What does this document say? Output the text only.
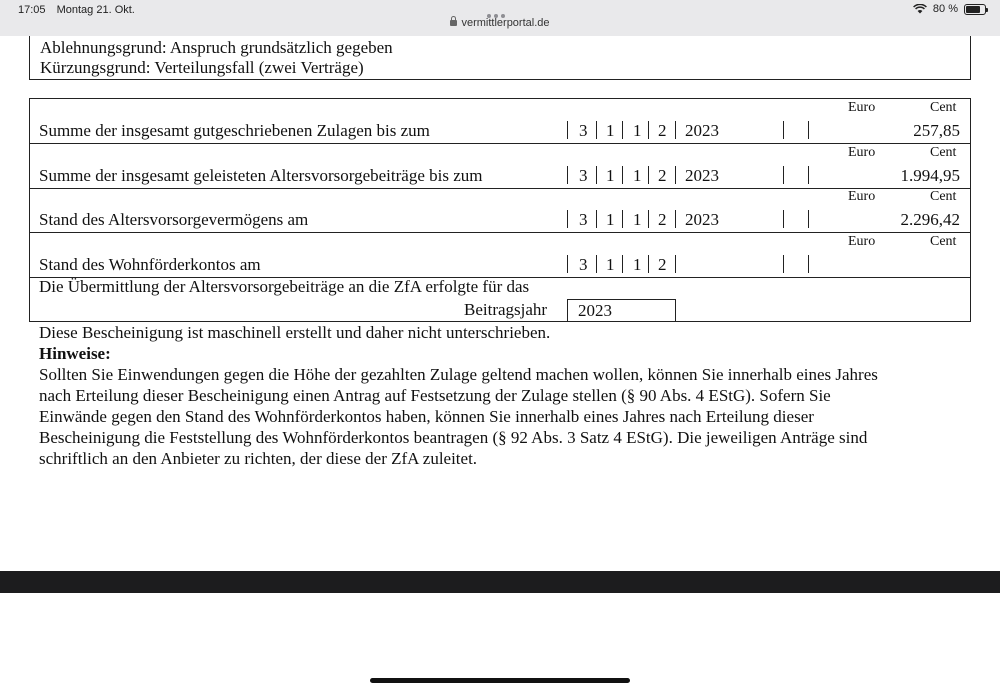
17:05 Montag 21. Okt.
vermittlerportal.de
80 %
Ablehnungsgrund: Anspruch grundsätzlich gegeben
Kürzungsgrund: Verteilungsfall (zwei Verträge)
Summe der insgesamt gutgeschriebenen Zulagen bis zum
Euro	Cent
3 1 1 2 2023	257,85
Summe der insgesamt geleisteten Altersvorsorgebeiträge bis zum
Euro	Cent
3 1 1 2 2023	1.994,95
Stand des Altersvorsorgevermögens am
Euro	Cent
3 1 1 2 2023	2.296,42
Stand des Wohnförderkontos am
Euro	Cent
3 1 1 2
Die Übermittlung der Altersvorsorgebeiträge an die ZfA erfolgte für das
Beitragsjahr	2023
Diese Bescheinigung ist maschinell erstellt und daher nicht unterschrieben.
Hinweise:
Sollten Sie Einwendungen gegen die Höhe der gezahlten Zulage geltend machen wollen, können Sie innerhalb eines Jahres
nach Erteilung dieser Bescheinigung einen Antrag auf Festsetzung der Zulage stellen (§ 90 Abs. 4 EStG). Sofern Sie
Einwände gegen den Stand des Wohnförderkontos haben, können Sie innerhalb eines Jahres nach Erteilung dieser
Bescheinigung die Feststellung des Wohnförderkontos beantragen (§ 92 Abs. 3 Satz 4 EStG). Die jeweiligen Anträge sind
schriftlich an den Anbieter zu richten, der diese der ZfA zuleitet.
